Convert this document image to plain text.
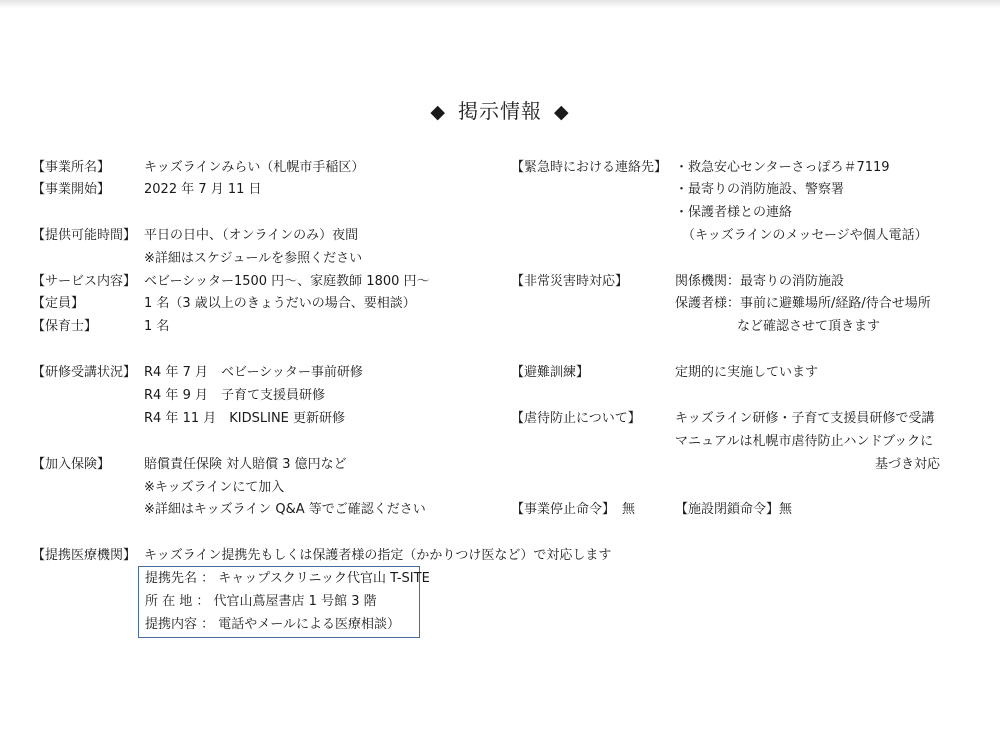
◆ 掲示情報 ◆
【事業所名】	キッズラインみらい（札幌市手稲区）
【事業開始】	2022 年 7 月 11 日
【提供可能時間】 平日の日中、（オンラインのみ）夜間
※詳細はスケジュールを参照ください
【サービス内容】 ベビーシッター1500 円～、家庭教師 1800 円～
【定員】	1 名（3 歳以上のきょうだいの場合、要相談）
【保育士】	1 名
【研修受講状況】 R4 年 7 月　ベビーシッター事前研修
R4 年 9 月　子育て支援員研修
R4 年 11 月　KIDSLINE 更新研修
【加入保険】	賠償責任保険 対人賠償 3 億円など
※キッズラインにて加入
※詳細はキッズライン Q&A 等でご確認ください
【提携医療機関】 キッズライン提携先もしくは保護者様の指定（かかりつけ医など）で対応します
提携先名 ： キャップスクリニック代官山 T-SITE
所 在 地 ： 代官山蔦屋書店 1 号館 3 階
提携内容 ： 電話やメールによる医療相談）
【緊急時における連絡先】 ・救急安心センターさっぽろ＃7119
・最寄りの消防施設、警察署
・保護者様との連絡
（キッズラインのメッセージや個人電話）
【非常災害時対応】	関係機関：最寄りの消防施設
保護者様：事前に避難場所/経路/待合せ場所
など確認させて頂きます
【避難訓練】	定期的に実施しています
【虐待防止について】	キッズライン研修・子育て支援員研修で受講
マニュアルは札幌市虐待防止ハンドブックに
基づき対応
【事業停止命令】 無	【施設閉鎖命令】 無
